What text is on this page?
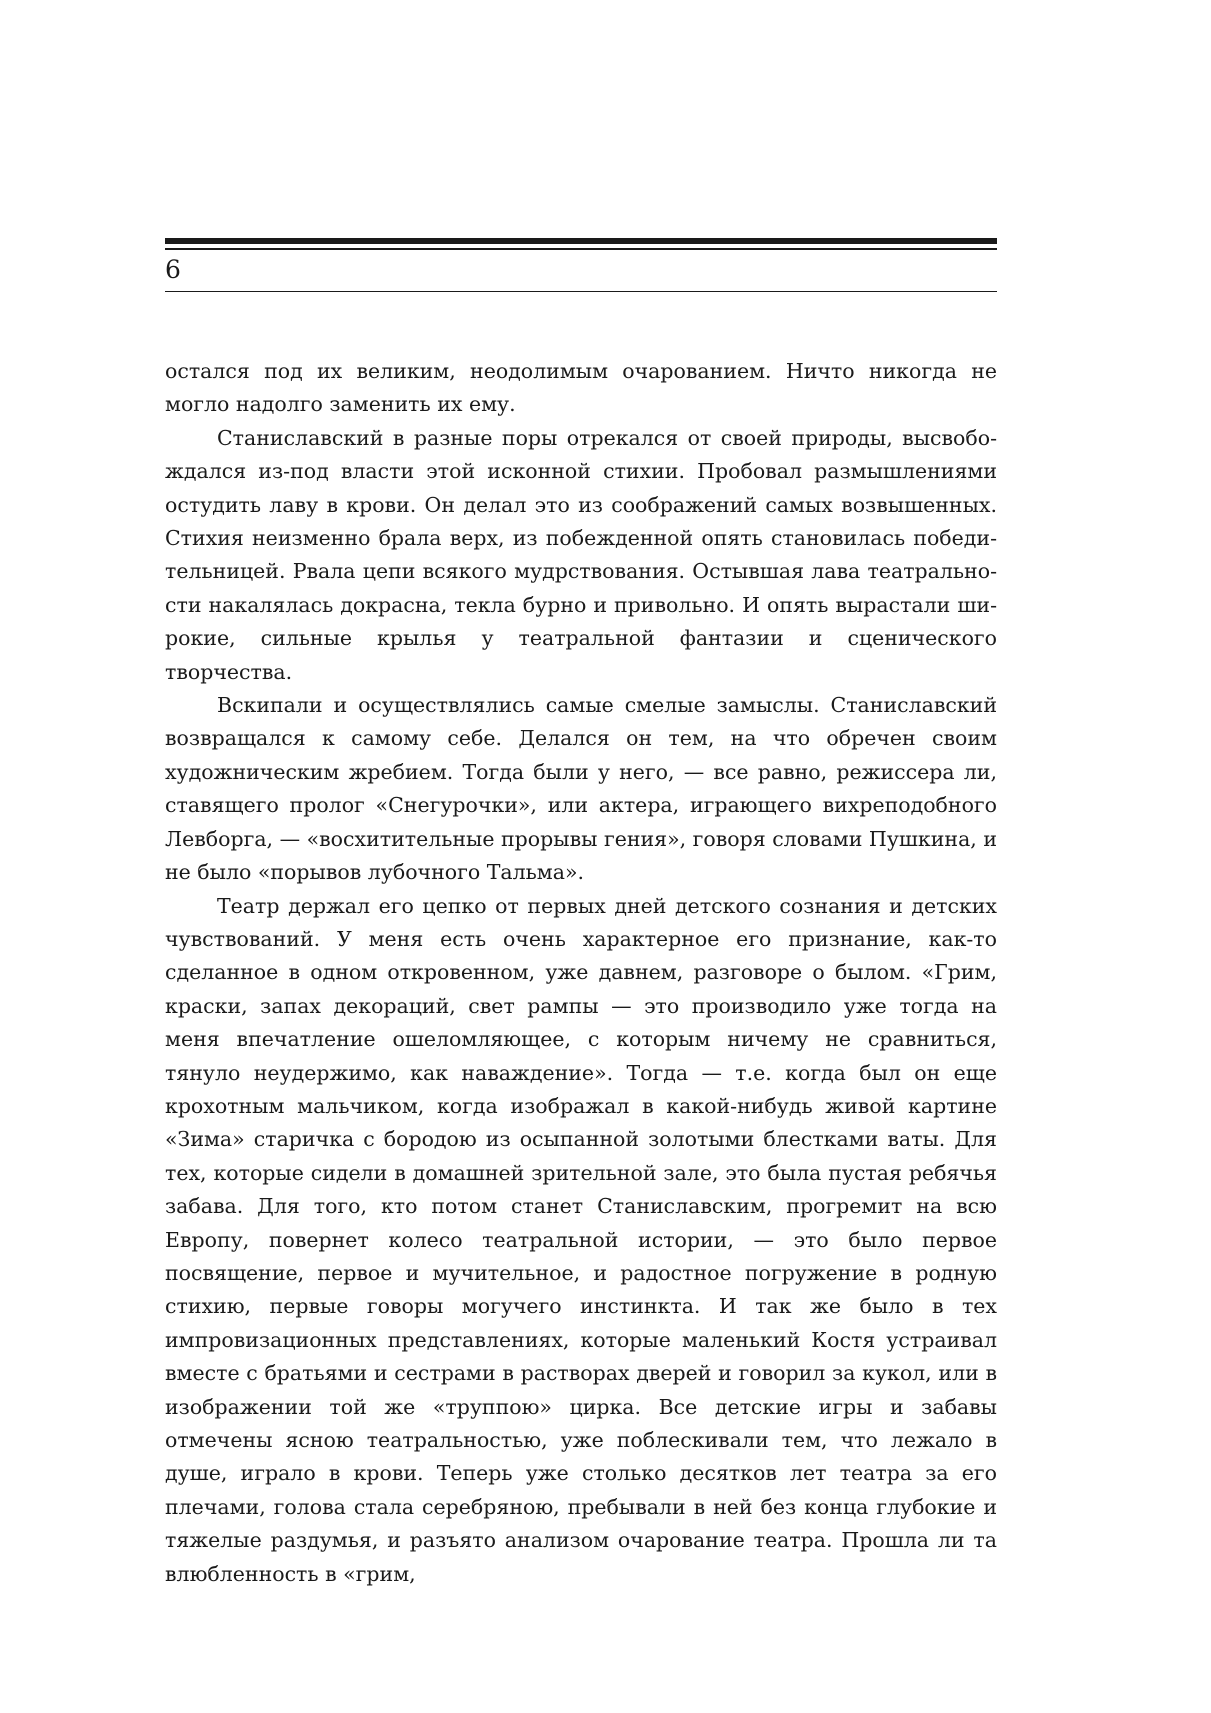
6

остался под их великим, неодолимым очарованием. Ничто никогда не могло надолго заменить их ему.

Станиславский в разные поры отрекался от своей природы, высвобождался из-под власти этой исконной стихии. Пробовал размышлениями остудить лаву в крови. Он делал это из соображений самых возвышенных. Стихия неизменно брала верх, из побежденной опять становилась победительницей. Рвала цепи всякого мудрствования. Остывшая лава театральности накалялась докрасна, текла бурно и привольно. И опять вырастали широкие, сильные крылья у театральной фантазии и сценического творчества.

Вскипали и осуществлялись самые смелые замыслы. Станиславский возвращался к самому себе. Делался он тем, на что обречен своим художническим жребием. Тогда были у него, — все равно, режиссера ли, ставящего пролог «Снегурочки», или актера, играющего вихреподобного Левборга, — «восхитительные прорывы гения», говоря словами Пушкина, и не было «порывов лубочного Тальма».

Театр держал его цепко от первых дней детского сознания и детских чувствований. У меня есть очень характерное его признание, как-то сделанное в одном откровенном, уже давнем, разговоре о былом. «Грим, краски, запах декораций, свет рампы — это производило уже тогда на меня впечатление ошеломляющее, с которым ничему не сравниться, тянуло неудержимо, как наваждение». Тогда — т.е. когда был он еще крохотным мальчиком, когда изображал в какой-нибудь живой картине «Зима» старичка с бородою из осыпанной золотыми блестками ваты. Для тех, которые сидели в домашней зрительной зале, это была пустая ребячья забава. Для того, кто потом станет Станиславским, прогремит на всю Европу, повернет колесо театральной истории, — это было первое посвящение, первое и мучительное, и радостное погружение в родную стихию, первые говоры могучего инстинкта. И так же было в тех импровизационных представлениях, которые маленький Костя устраивал вместе с братьями и сестрами в растворах дверей и говорил за кукол, или в изображении той же «труппою» цирка. Все детские игры и забавы отмечены ясною театральностью, уже поблескивали тем, что лежало в душе, играло в крови. Теперь уже столько десятков лет театра за его плечами, голова стала серебряною, пребывали в ней без конца глубокие и тяжелые раздумья, и разъято анализом очарование театра. Прошла ли та влюбленность в «грим,
